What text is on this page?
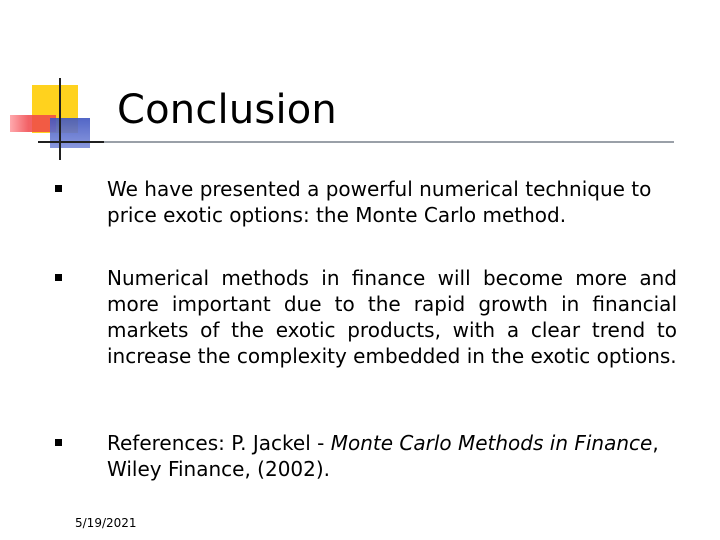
Conclusion
We have presented a powerful numerical technique to price exotic options: the Monte Carlo method.
Numerical methods in finance will become more and more important due to the rapid growth in financial markets of the exotic products, with a clear trend to increase the complexity embedded in the exotic options.
References: P. Jackel - Monte Carlo Methods in Finance, Wiley Finance, (2002).
5/19/2021
